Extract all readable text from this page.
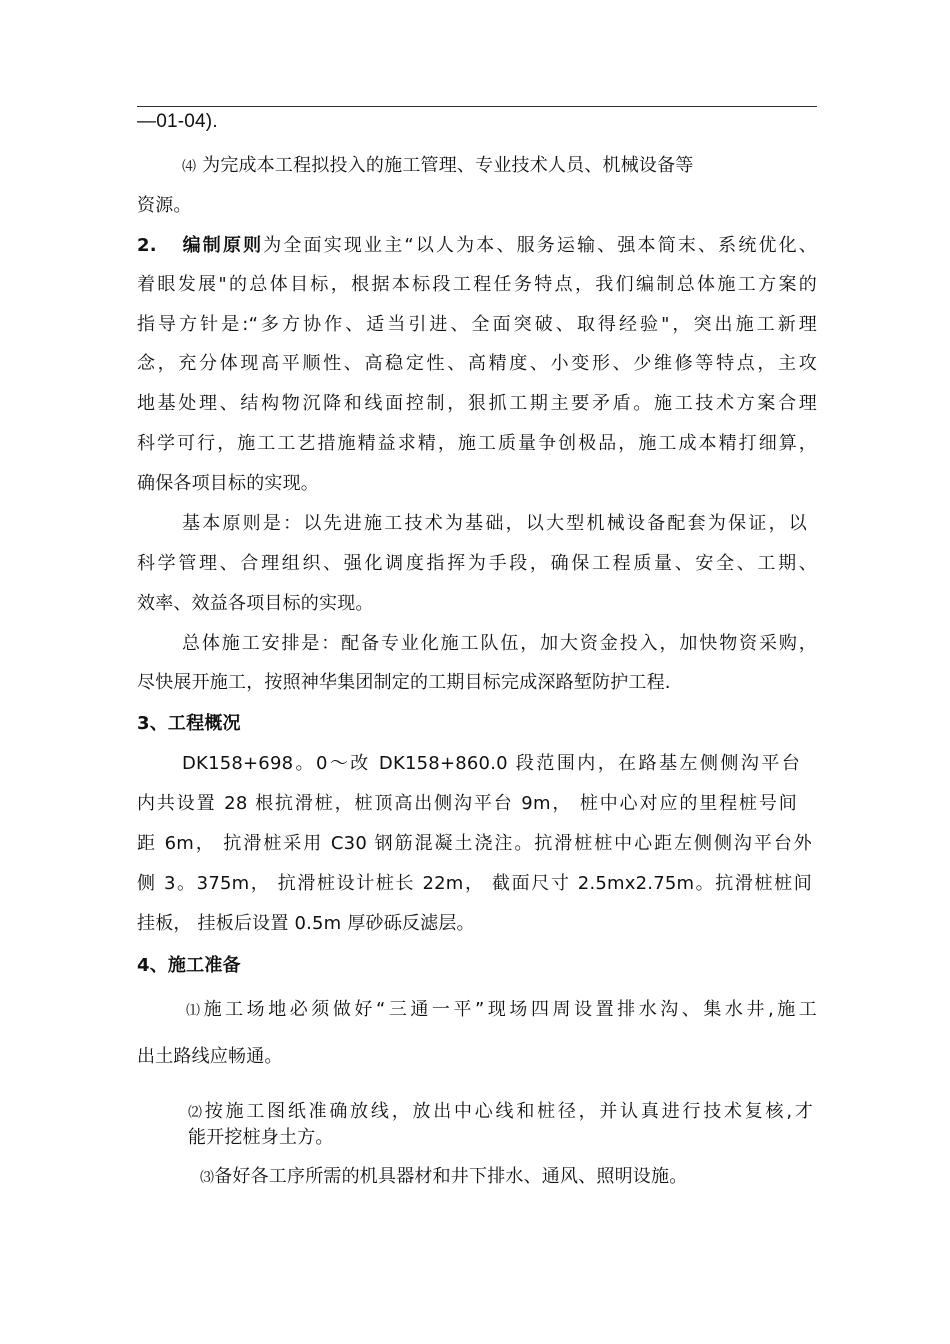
—01-04).
⑷ 为完成本工程拟投入的施工管理、专业技术人员、机械设备等
资源。
2. 编制原则为全面实现业主“以人为本、服务运输、强本简末、系统优化、
着眼发展"的总体目标，根据本标段工程任务特点，我们编制总体施工方案的
指导方针是:“多方协作、适当引进、全面突破、取得经验"，突出施工新理
念，充分体现高平顺性、高稳定性、高精度、小变形、少维修等特点，主攻
地基处理、结构物沉降和线面控制，狠抓工期主要矛盾。施工技术方案合理
科学可行，施工工艺措施精益求精，施工质量争创极品，施工成本精打细算，
确保各项目标的实现。
基本原则是：以先进施工技术为基础，以大型机械设备配套为保证，以
科学管理、合理组织、强化调度指挥为手段，确保工程质量、安全、工期、
效率、效益各项目标的实现。
总体施工安排是：配备专业化施工队伍，加大资金投入，加快物资采购，
尽快展开施工，按照神华集团制定的工期目标完成深路堑防护工程.
3、工程概况
DK158+698。0〜改 DK158+860.0 段范围内，在路基左侧侧沟平台
内共设置 28 根抗滑桩，桩顶高出侧沟平台 9m， 桩中心对应的里程桩号间
距 6m， 抗滑桩采用 C30 钢筋混凝土浇注。抗滑桩桩中心距左侧侧沟平台外
侧 3。375m， 抗滑桩设计桩长 22m， 截面尺寸 2.5mx2.75m。抗滑桩桩间
挂板， 挂板后设置 0.5m 厚砂砾反滤层。
4、施工准备
⑴施工场地必须做好“三通一平”现场四周设置排水沟、集水井,施工
出土路线应畅通。
⑵按施工图纸准确放线，放出中心线和桩径，并认真进行技术复核,才
能开挖桩身土方。
⑶备好各工序所需的机具器材和井下排水、通风、照明设施。
